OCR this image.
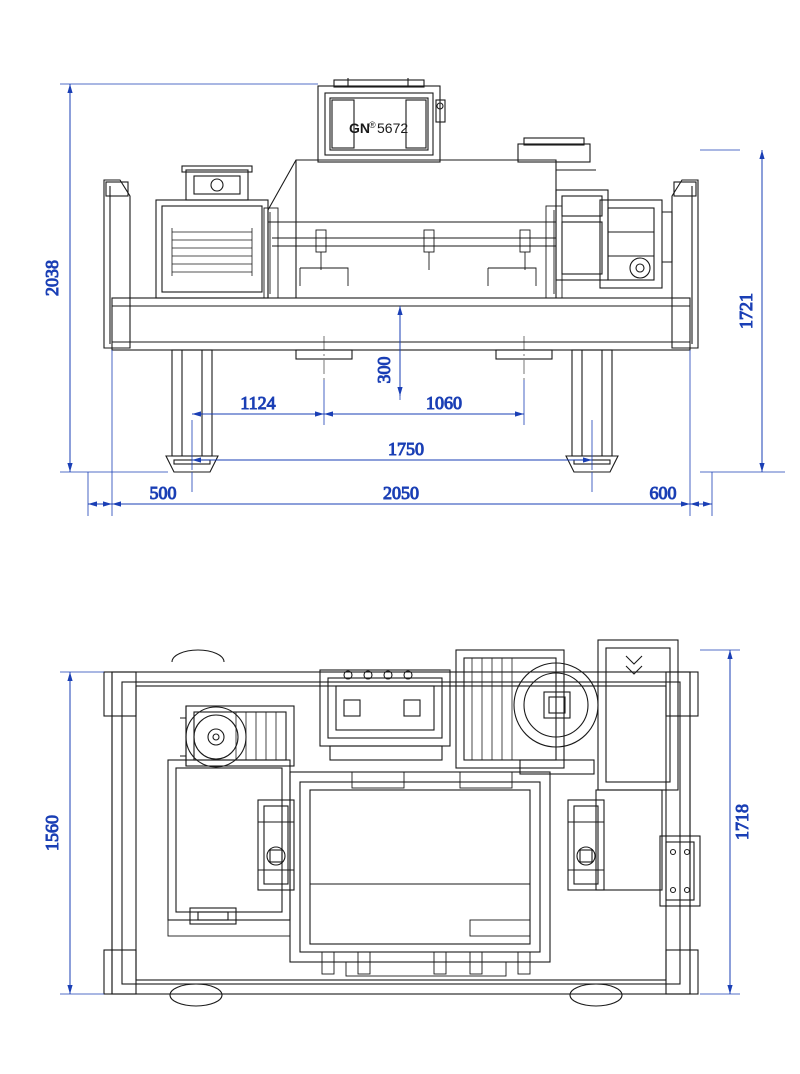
GN ® 5672
2038
1721
300
1124	1060
1750
500	2050	600
1560	1718
